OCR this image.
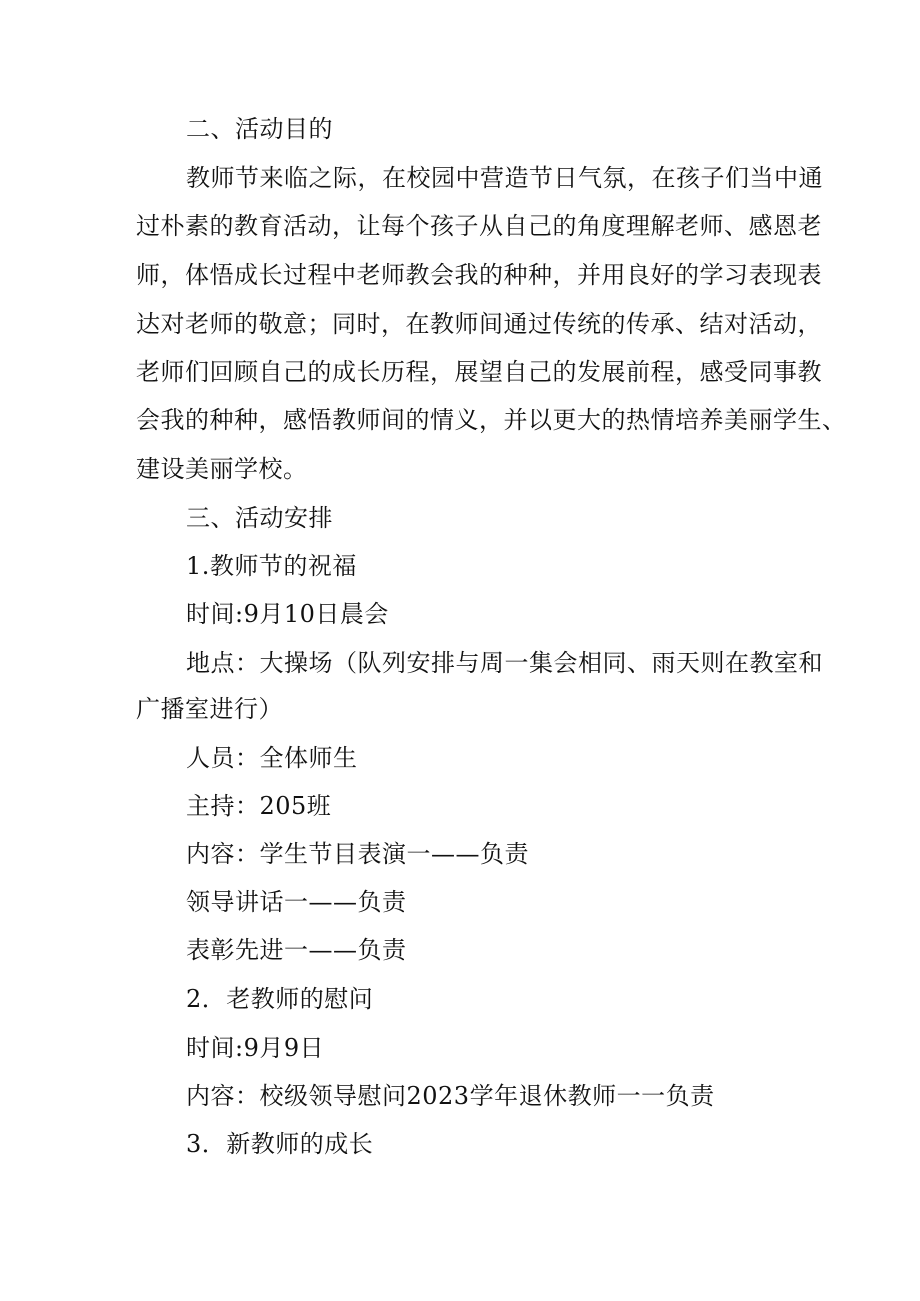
二、活动目的
教师节来临之际，在校园中营造节日气氛，在孩子们当中通
过朴素的教育活动，让每个孩子从自己的角度理解老师、感恩老
师，体悟成长过程中老师教会我的种种，并用良好的学习表现表
达对老师的敬意；同时，在教师间通过传统的传承、结对活动，
老师们回顾自己的成长历程，展望自己的发展前程，感受同事教
会我的种种，感悟教师间的情义，并以更大的热情培养美丽学生、
建设美丽学校。
三、活动安排
1.教师节的祝福
时间:9月10日晨会
地点：大操场（队列安排与周一集会相同、雨天则在教室和
广播室进行）
人员：全体师生
主持：205班
内容：学生节目表演一——负责
领导讲话一——负责
表彰先进一——负责
2．老教师的慰问
时间:9月9日
内容：校级领导慰问2023学年退休教师一一负责
3．新教师的成长
